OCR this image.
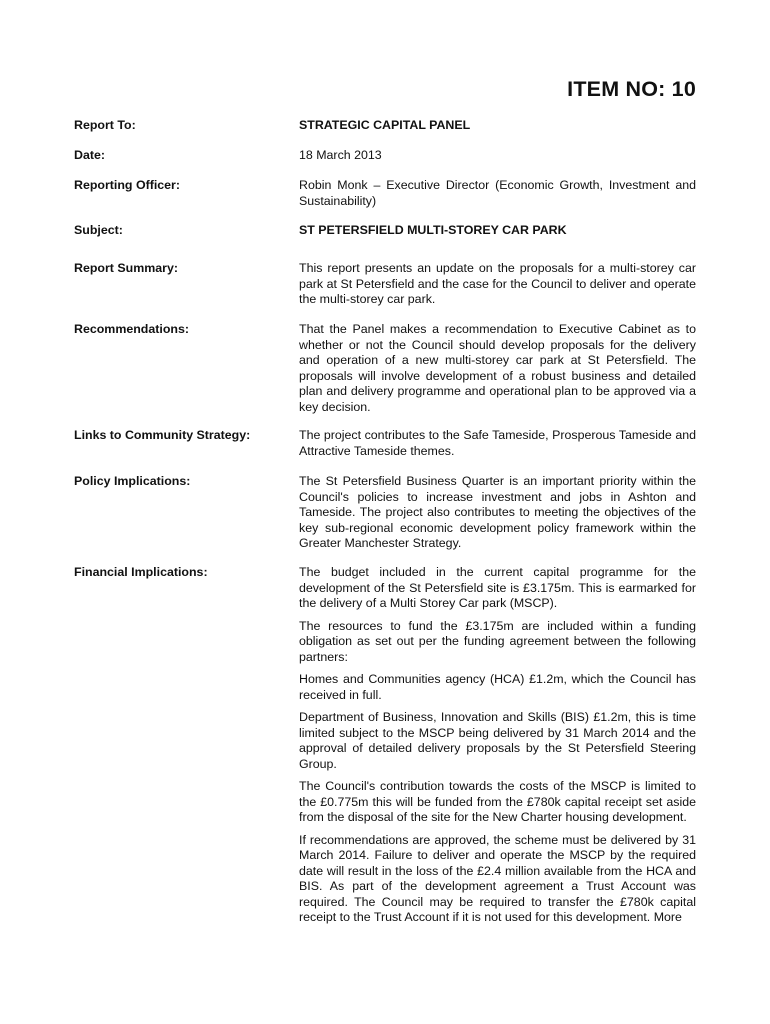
ITEM NO: 10
Report To:	STRATEGIC CAPITAL PANEL
Date:	18 March 2013
Reporting Officer:	Robin Monk – Executive Director (Economic Growth, Investment and Sustainability)
Subject:	ST PETERSFIELD MULTI-STOREY CAR PARK
Report Summary:	This report presents an update on the proposals for a multi-storey car park at St Petersfield and the case for the Council to deliver and operate the multi-storey car park.
Recommendations:	That the Panel makes a recommendation to Executive Cabinet as to whether or not the Council should develop proposals for the delivery and operation of a new multi-storey car park at St Petersfield. The proposals will involve development of a robust business and detailed plan and delivery programme and operational plan to be approved via a key decision.
Links to Community Strategy:	The project contributes to the Safe Tameside, Prosperous Tameside and Attractive Tameside themes.
Policy Implications:	The St Petersfield Business Quarter is an important priority within the Council's policies to increase investment and jobs in Ashton and Tameside. The project also contributes to meeting the objectives of the key sub-regional economic development policy framework within the Greater Manchester Strategy.
Financial Implications:	The budget included in the current capital programme for the development of the St Petersfield site is £3.175m. This is earmarked for the delivery of a Multi Storey Car park (MSCP).

The resources to fund the £3.175m are included within a funding obligation as set out per the funding agreement between the following partners:

Homes and Communities agency (HCA) £1.2m, which the Council has received in full.

Department of Business, Innovation and Skills (BIS) £1.2m, this is time limited subject to the MSCP being delivered by 31 March 2014 and the approval of detailed delivery proposals by the St Petersfield Steering Group.

The Council's contribution towards the costs of the MSCP is limited to the £0.775m this will be funded from the £780k capital receipt set aside from the disposal of the site for the New Charter housing development.

If recommendations are approved, the scheme must be delivered by 31 March 2014. Failure to deliver and operate the MSCP by the required date will result in the loss of the £2.4 million available from the HCA and BIS. As part of the development agreement a Trust Account was required. The Council may be required to transfer the £780k capital receipt to the Trust Account if it is not used for this development. More
